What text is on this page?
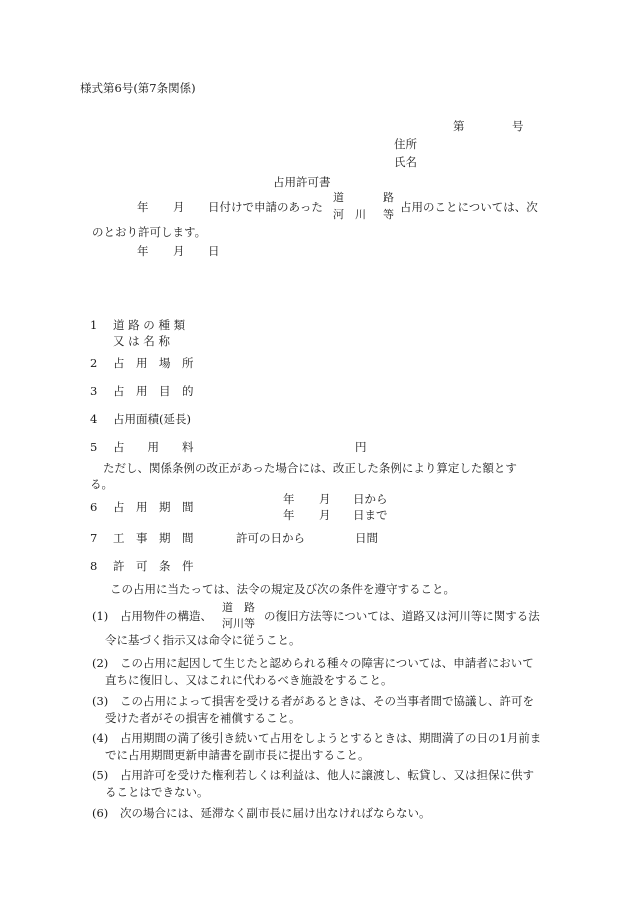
様式第6号(第7条関係)
第	号
住所
氏名
占用許可書
年 月 日付けで申請のあった
道	路
河 川 等
占用のことについては、次
のとおり許可します。
年 月 日
1 道 路 の 種 類
又 は 名 称
2 占　用　場　所
3 占　用　目　的
4 占用面積(延長)
5 占　　用　　料	円
ただし、関係条例の改正があった場合には、改正した条例により算定した額とす
る。
6 占　用　期　間
年 月 日から
年 月 日まで
7 工　事　期　間	許可の日から	日間
8 許　可　条　件
この占用に当たっては、法令の規定及び次の条件を遵守すること。
(1) 占用物件の構造、
道　路
河川等
の復旧方法等については、道路又は河川等に関する法
令に基づく指示又は命令に従うこと。
(2) この占用に起因して生じたと認められる種々の障害については、申請者において
直ちに復旧し、又はこれに代わるべき施設をすること。
(3) この占用によって損害を受ける者があるときは、その当事者間で協議し、許可を
受けた者がその損害を補償すること。
(4) 占用期間の満了後引き続いて占用をしようとするときは、期間満了の日の1月前ま
でに占用期間更新申請書を副市長に提出すること。
(5) 占用許可を受けた権利若しくは利益は、他人に譲渡し、転貸し、又は担保に供す
ることはできない。
(6) 次の場合には、延滞なく副市長に届け出なければならない。
